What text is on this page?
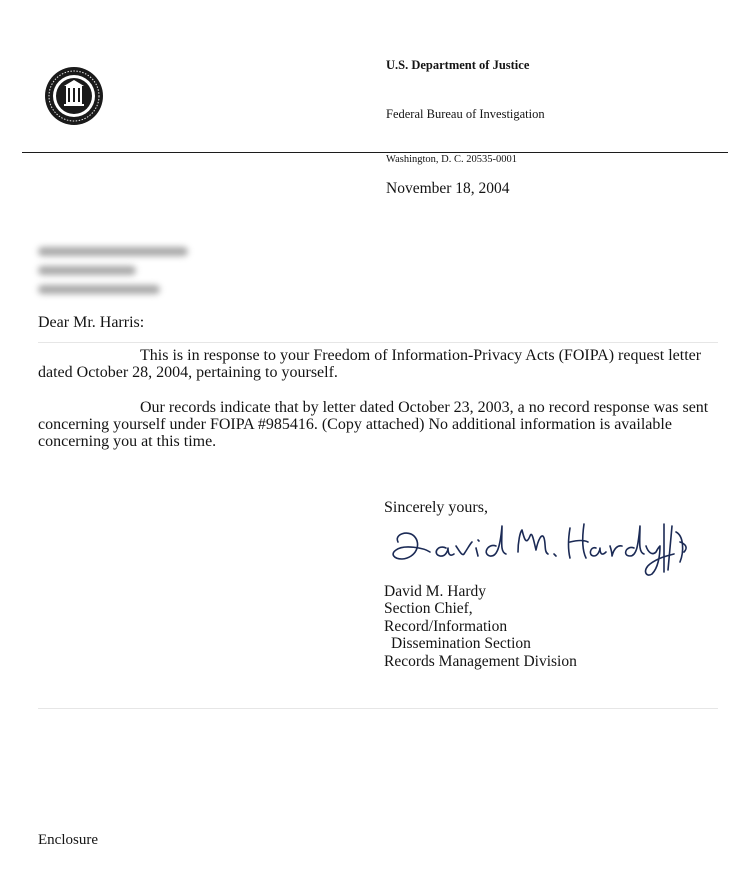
U.S. Department of Justice
Federal Bureau of Investigation
Washington, D. C. 20535-0001
November 18, 2004
Dear Mr. Harris:
This is in response to your Freedom of Information-Privacy Acts (FOIPA) request letter dated October 28, 2004, pertaining to yourself.
Our records indicate that by letter dated October 23, 2003, a no record response was sent concerning yourself under FOIPA #985416. (Copy attached) No additional information is available concerning you at this time.
Sincerely yours,
David M. Hardy
Section Chief,
Record/Information
Dissemination Section
Records Management Division
Enclosure
